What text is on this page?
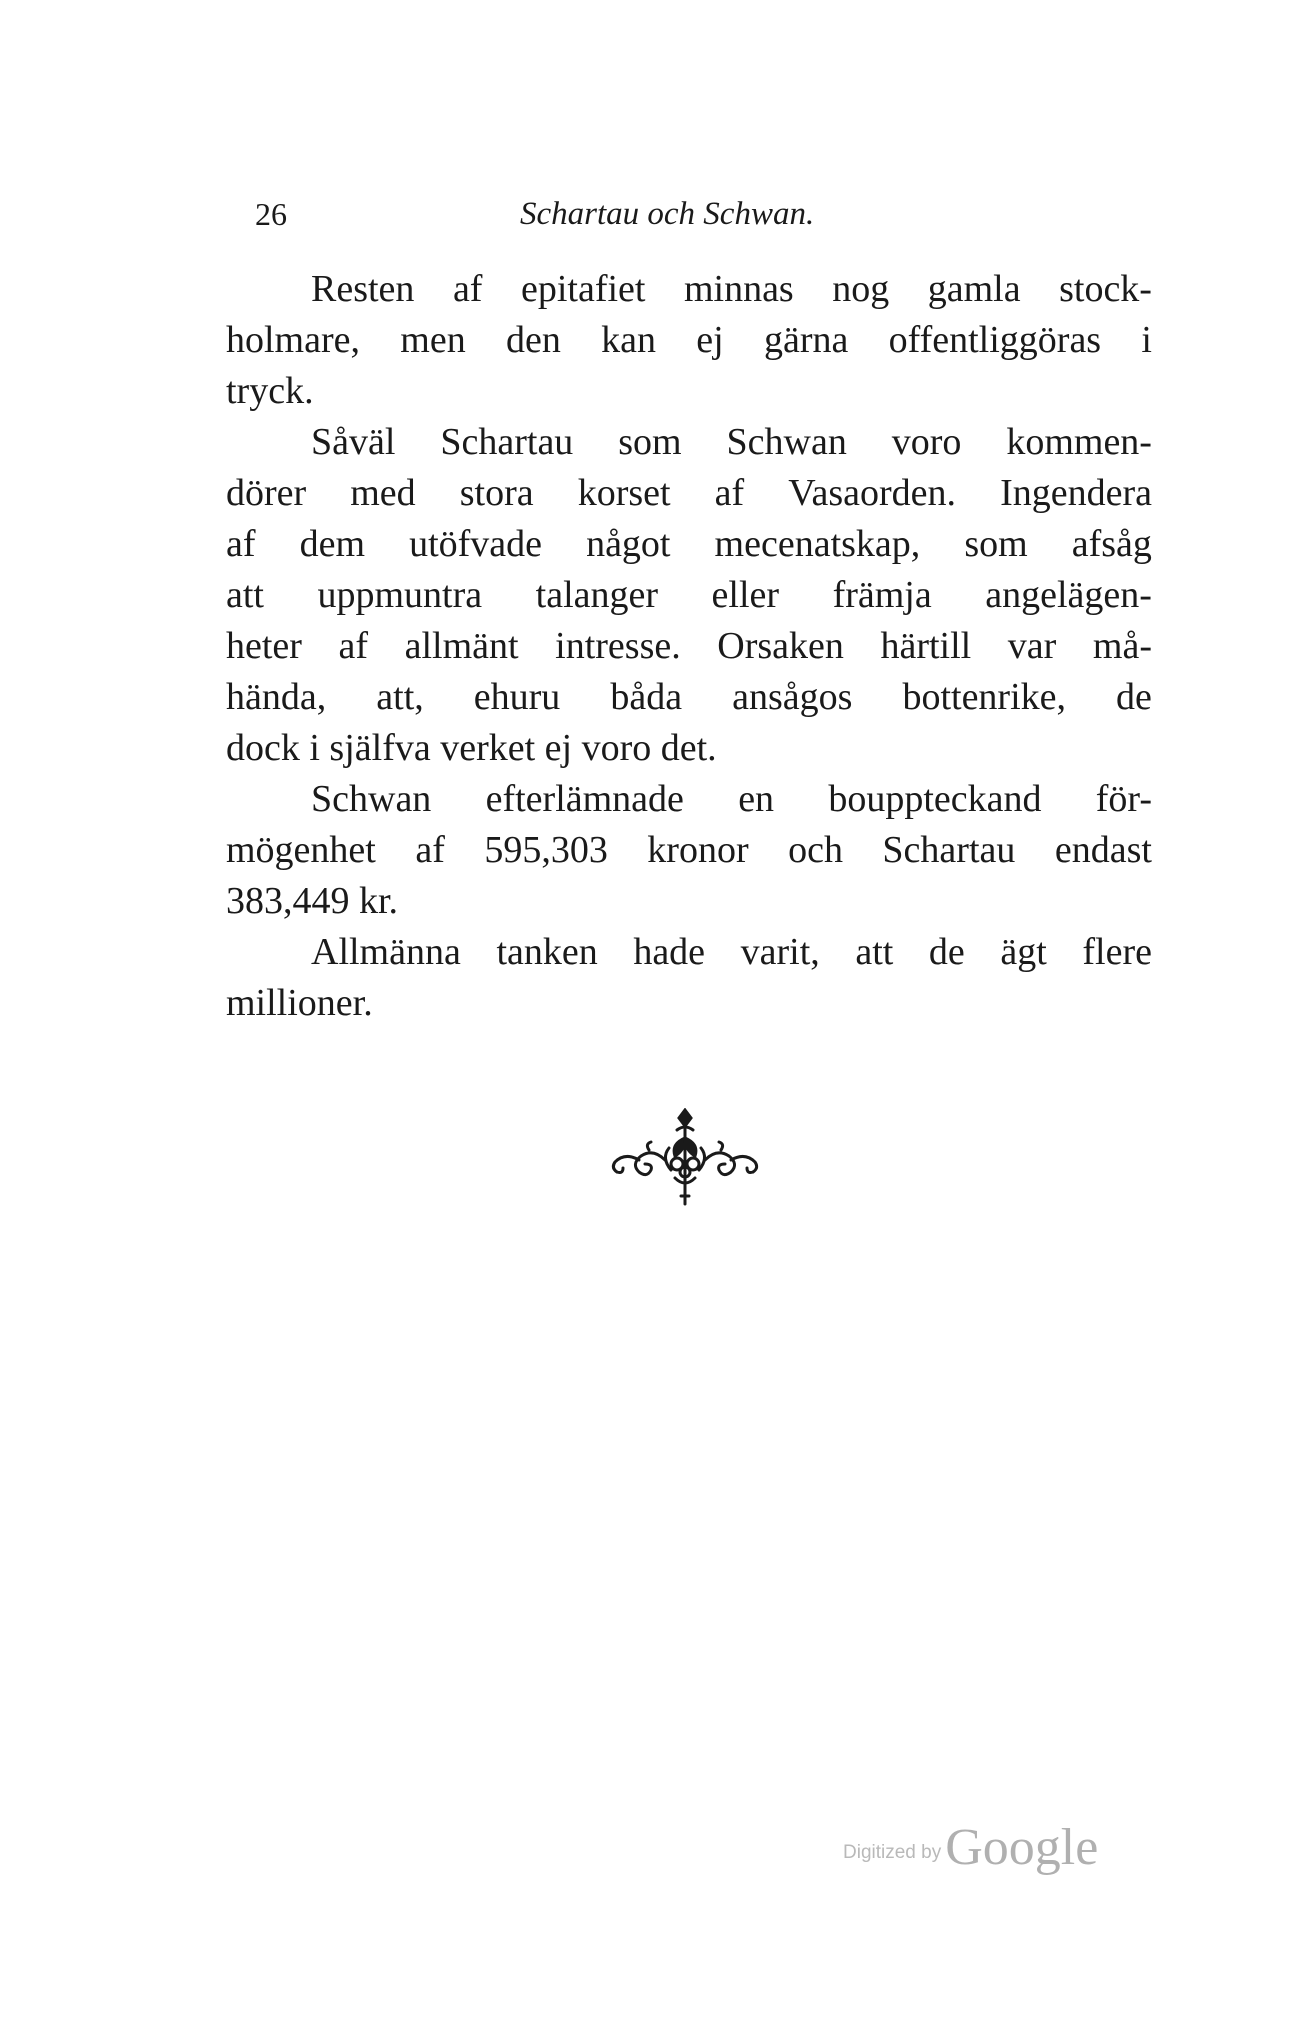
26	Schartau och Schwan.
Resten af epitafiet minnas nog gamla stock-
holmare, men den kan ej gärna offentliggöras i
tryck.
Såväl Schartau som Schwan voro kommen-
dörer med stora korset af Vasaorden. Ingendera
af dem utöfvade något mecenatskap, som afsåg
att uppmuntra talanger eller främja angelägen-
heter af allmänt intresse. Orsaken härtill var må-
hända, att, ehuru båda ansågos bottenrike, de
dock i själfva verket ej voro det.
Schwan efterlämnade en bouppteckand för-
mögenhet af 595,303 kronor och Schartau endast
383,449 kr.
Allmänna tanken hade varit, att de ägt flere
millioner.
Digitized by Google
